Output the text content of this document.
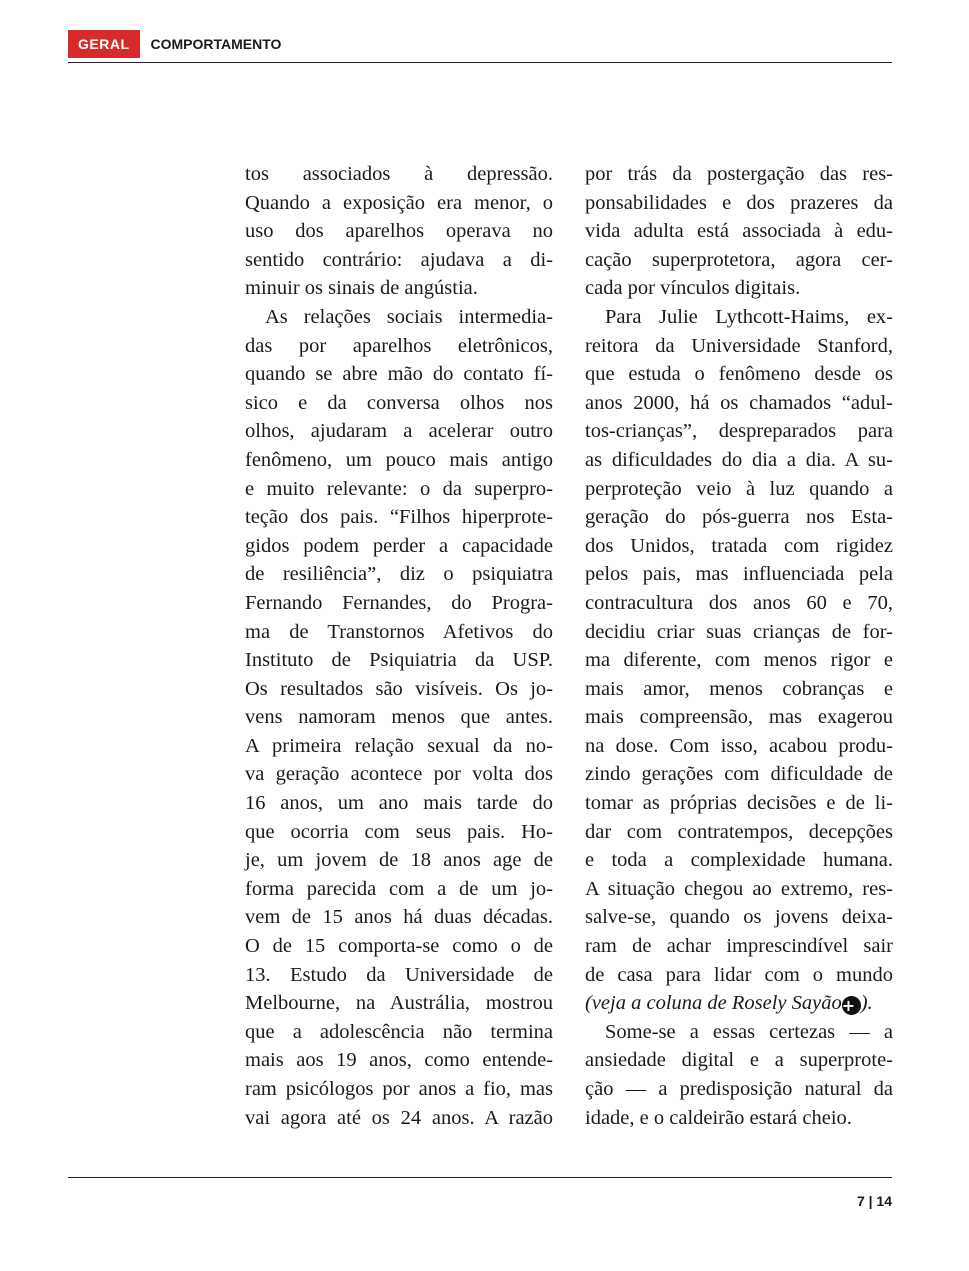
GERAL	COMPORTAMENTO
tos associados à depressão.
Quando a exposição era menor, o
uso dos aparelhos operava no
sentido contrário: ajudava a di-
minuir os sinais de angústia.
As relações sociais intermedia-
das por aparelhos eletrônicos,
quando se abre mão do contato fí-
sico e da conversa olhos nos
olhos, ajudaram a acelerar outro
fenômeno, um pouco mais antigo
e muito relevante: o da superpro-
teção dos pais. “Filhos hiperprote-
gidos podem perder a capacidade
de resiliência”, diz o psiquiatra
Fernando Fernandes, do Progra-
ma de Transtornos Afetivos do
Instituto de Psiquiatria da USP.
Os resultados são visíveis. Os jo-
vens namoram menos que antes.
A primeira relação sexual da no-
va geração acontece por volta dos
16 anos, um ano mais tarde do
que ocorria com seus pais. Ho-
je, um jovem de 18 anos age de
forma parecida com a de um jo-
vem de 15 anos há duas décadas.
O de 15 comporta-se como o de
13. Estudo da Universidade de
Melbourne, na Austrália, mostrou
que a adolescência não termina
mais aos 19 anos, como entende-
ram psicólogos por anos a fio, mas
vai agora até os 24 anos. A razão
por trás da postergação das res-
ponsabilidades e dos prazeres da
vida adulta está associada à edu-
cação superprotetora, agora cer-
cada por vínculos digitais.
Para Julie Lythcott-Haims, ex-
reitora da Universidade Stanford,
que estuda o fenômeno desde os
anos 2000, há os chamados “adul-
tos-crianças”, despreparados para
as dificuldades do dia a dia. A su-
perproteção veio à luz quando a
geração do pós-guerra nos Esta-
dos Unidos, tratada com rigidez
pelos pais, mas influenciada pela
contracultura dos anos 60 e 70,
decidiu criar suas crianças de for-
ma diferente, com menos rigor e
mais amor, menos cobranças e
mais compreensão, mas exagerou
na dose. Com isso, acabou produ-
zindo gerações com dificuldade de
tomar as próprias decisões e de li-
dar com contratempos, decepções
e toda a complexidade humana.
A situação chegou ao extremo, res-
salve-se, quando os jovens deixa-
ram de achar imprescindível sair
de casa para lidar com o mundo
(veja a coluna de Rosely Sayão+ ).
Some-se a essas certezas — a
ansiedade digital e a superprote-
ção — a predisposição natural da
idade, e o caldeirão estará cheio.
7 | 14
